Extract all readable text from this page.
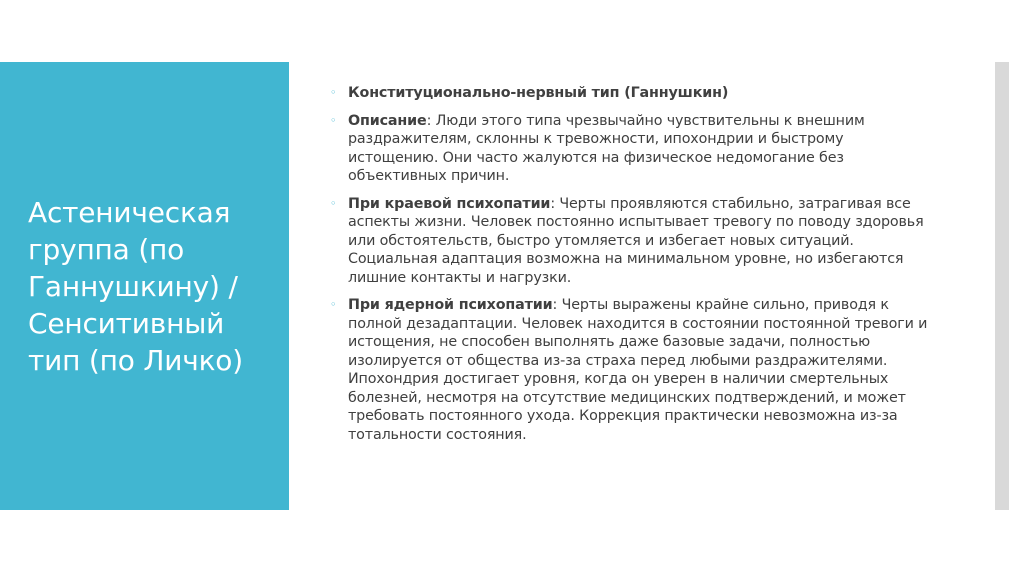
Астеническая группа (по Ганнушкину) / Сенситивный тип (по Личко)
◦ Конституционально-нервный тип (Ганнушкин)
◦ Описание: Люди этого типа чрезвычайно чувствительны к внешним раздражителям, склонны к тревожности, ипохондрии и быстрому истощению. Они часто жалуются на физическое недомогание без объективных причин.
◦ При краевой психопатии: Черты проявляются стабильно, затрагивая все аспекты жизни. Человек постоянно испытывает тревогу по поводу здоровья или обстоятельств, быстро утомляется и избегает новых ситуаций. Социальная адаптация возможна на минимальном уровне, но избегаются лишние контакты и нагрузки.
◦ При ядерной психопатии: Черты выражены крайне сильно, приводя к полной дезадаптации. Человек находится в состоянии постоянной тревоги и истощения, не способен выполнять даже базовые задачи, полностью изолируется от общества из-за страха перед любыми раздражителями. Ипохондрия достигает уровня, когда он уверен в наличии смертельных болезней, несмотря на отсутствие медицинских подтверждений, и может требовать постоянного ухода. Коррекция практически невозможна из-за тотальности состояния.
